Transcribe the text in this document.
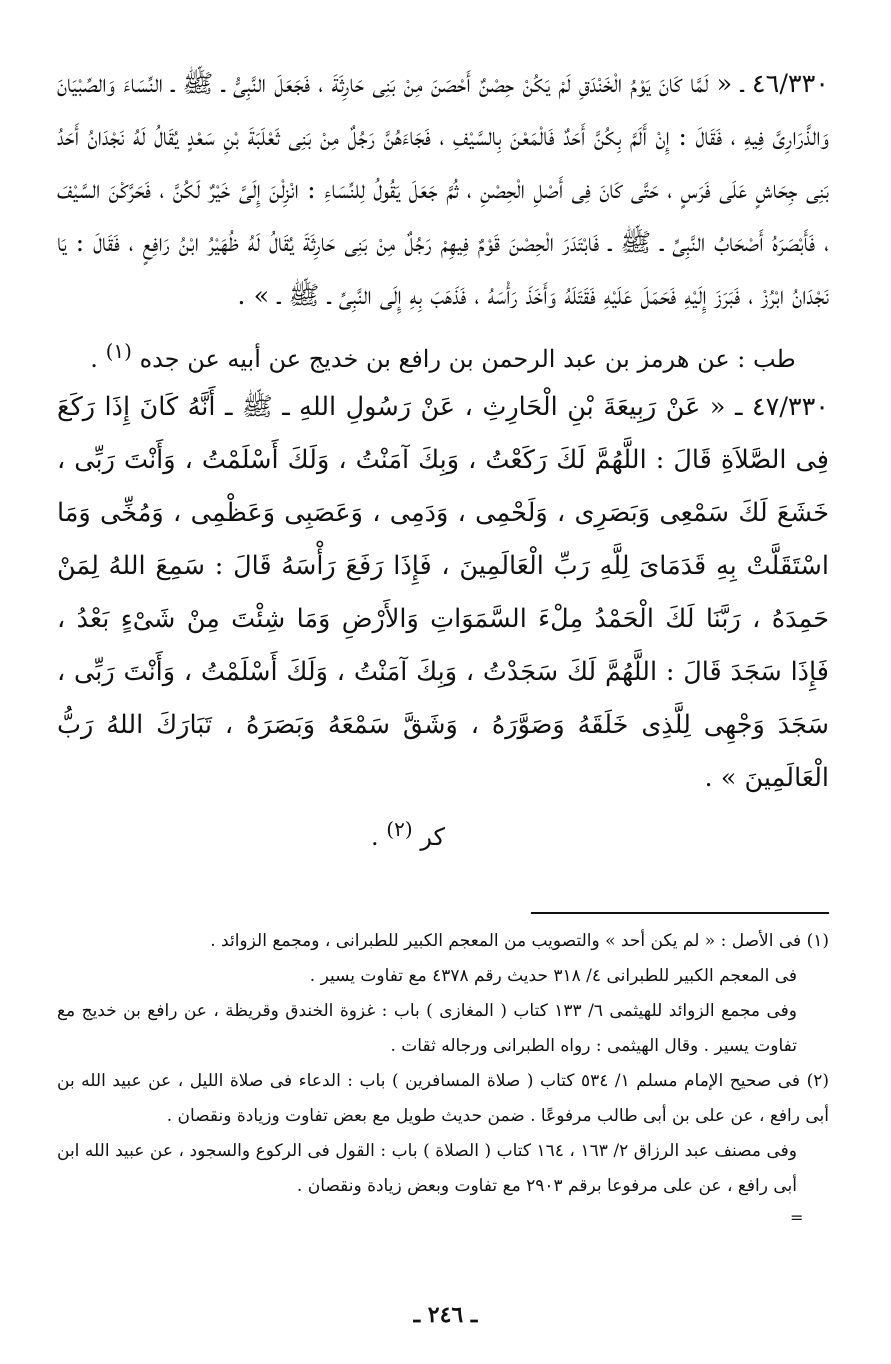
٤٦/٣٣٠ ـ « لَمَّا كَانَ يَوْمُ الْخَنْدَقِ لَمْ يَكُنْ حِصْنٌ أَحْصَنَ مِنْ بَنِى حَارِثَةَ ، فَجَعَلَ النَّبِىُّ ـ ﷺ ـ النِّسَاءَ وَالصِّبْيَانَ وَالذَّرَارِىَّ فِيهِ ، فَقَالَ : إِنْ أَلَمَّ بِكُنَّ أَحَدٌ فَالْمَعْنَ بِالسَّيْفِ ، فَجَاءَهُنَّ رَجُلٌ مِنْ بَنِى ثَعْلَبَةَ بْنِ سَعْدٍ يُقَالُ لَهُ نَجْدَانُ أَحَدُ بَنِى جِحَاشٍ عَلَى فَرَسٍ ، حَتَّى كَانَ فِى أَصْلِ الْحِصْنِ ، ثُمَّ جَعَلَ يَقُولُ لِلنِّسَاءِ : انْزِلْنَ إِلَىَّ خَيْرٌ لَكُنَّ ، فَحَرَّكْنَ السَّيْفَ ، فَأَبْصَرَهُ أَصْحَابُ النَّبِىِّ ـ ﷺ ـ فَابْتَدَرَ الْحِصْنَ قَوْمٌ فِيهِمْ رَجُلٌ مِنْ بَنِى حَارِثَةَ يُقَالُ لَهُ ظُهَيْرُ ابْنُ رَافِعٍ ، فَقَالَ : يَا نَجْدَانُ ابْرُزْ ، فَبَرَزَ إِلَيْهِ فَحَمَلَ عَلَيْهِ فَقَتَلَهُ وَأَخَذَ رَأْسَهُ ، فَذَهَبَ بِهِ إِلَى النَّبِىِّ ـ ﷺ ـ » .

طب : عن هرمز بن عبد الرحمن بن رافع بن خديج عن أبيه عن جده $^{(١)}$ .

٤٧/٣٣٠ ـ « عَنْ رَبِيعَةَ بْنِ الْحَارِثِ ، عَنْ رَسُولِ اللهِ ـ ﷺ ـ أَنَّهُ كَانَ إِذَا رَكَعَ فِى الصَّلاَةِ قَالَ : اللَّهُمَّ لَكَ رَكَعْتُ ، وَبِكَ آمَنْتُ ، وَلَكَ أَسْلَمْتُ ، وَأَنْتَ رَبِّى ، خَشَعَ لَكَ سَمْعِى وَبَصَرِى ، وَلَحْمِى ، وَدَمِى ، وَعَصَبِى وَعَظْمِى ، وَمُخِّى وَمَا اسْتَقَلَّتْ بِهِ قَدَمَاىَ لِلَّهِ رَبِّ الْعَالَمِينَ ، فَإِذَا رَفَعَ رَأْسَهُ قَالَ : سَمِعَ اللهُ لِمَنْ حَمِدَهُ ، رَبَّنَا لَكَ الْحَمْدُ مِلْءَ السَّمَوَاتِ وَالأَرْضِ وَمَا شِئْتَ مِنْ شَىْءٍ بَعْدُ ، فَإِذَا سَجَدَ قَالَ : اللَّهُمَّ لَكَ سَجَدْتُ ، وَبِكَ آمَنْتُ ، وَلَكَ أَسْلَمْتُ ، وَأَنْتَ رَبِّى ، سَجَدَ وَجْهِى لِلَّذِى خَلَقَهُ وَصَوَّرَهُ ، وَشَقَّ سَمْعَهُ وَبَصَرَهُ ، تَبَارَكَ اللهُ رَبُّ الْعَالَمِينَ » .

كر $^{(٢)}$ .

(١) فى الأصل : « لم يكن أحد » والتصويب من المعجم الكبير للطبرانى ، ومجمع الزوائد .

فى المعجم الكبير للطبرانى ٤/ ٣١٨ حديث رقم ٤٣٧٨ مع تفاوت يسير .

وفى مجمع الزوائد للهيثمى ٦/ ١٣٣ كتاب ( المغازى ) باب : غزوة الخندق وقريظة ، عن رافع بن خديج مع تفاوت يسير . وقال الهيثمى : رواه الطبرانى ورجاله ثقات .

(٢) فى صحيح الإمام مسلم ١/ ٥٣٤ كتاب ( صلاة المسافرين ) باب : الدعاء فى صلاة الليل ، عن عبيد الله بن أبى رافع ، عن على بن أبى طالب مرفوعًا . ضمن حديث طويل مع بعض تفاوت وزيادة ونقصان .

وفى مصنف عبد الرزاق ٢/ ١٦٣ ، ١٦٤ كتاب ( الصلاة ) باب : القول فى الركوع والسجود ، عن عبيد الله ابن أبى رافع ، عن على مرفوعا برقم ٢٩٠٣ مع تفاوت وبعض زيادة ونقصان .

=
ـ ٢٤٦ ـ
